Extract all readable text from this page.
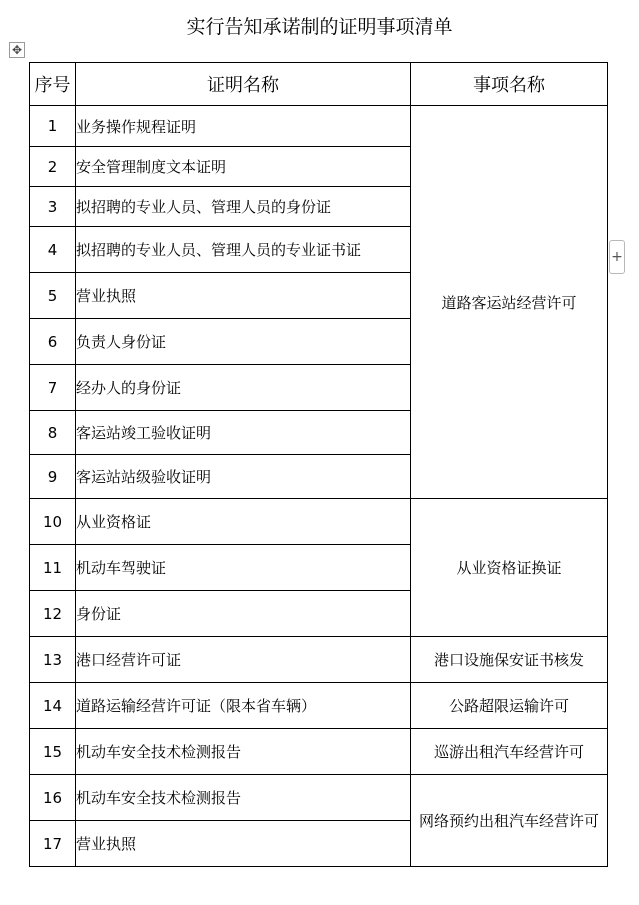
实行告知承诺制的证明事项清单
✥
+
序号	证明名称	事项名称
1	业务操作规程证明	道路客运站经营许可
2	安全管理制度文本证明	
3	拟招聘的专业人员、管理人员的身份证	
4	拟招聘的专业人员、管理人员的专业证书证	
5	营业执照	
6	负责人身份证	
7	经办人的身份证	
8	客运站竣工验收证明	
9	客运站站级验收证明	
10	从业资格证	从业资格证换证
11	机动车驾驶证	
12	身份证	
13	港口经营许可证	港口设施保安证书核发
14	道路运输经营许可证（限本省车辆）	公路超限运输许可
15	机动车安全技术检测报告	巡游出租汽车经营许可
16	机动车安全技术检测报告	网络预约出租汽车经营许可
17	营业执照	
